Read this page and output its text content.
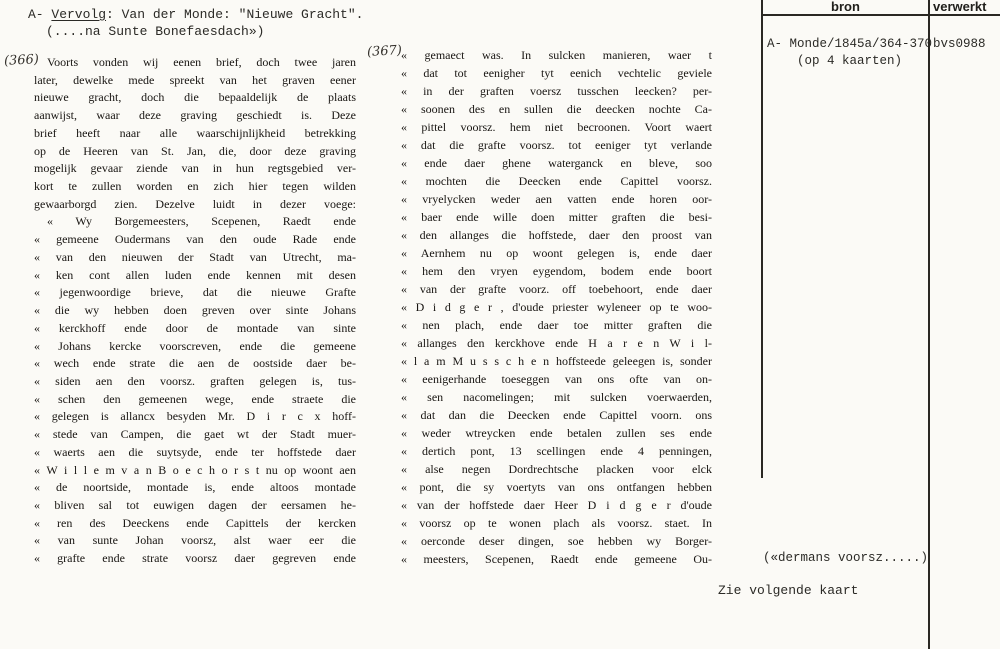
A- Vervolg: Van der Monde: "Nieuwe Gracht".
(....na Sunte Bonefaesdach»)
(366)
(367)
Voorts vonden wij eenen brief, doch twee jaren
later, dewelke mede spreekt van het graven eener
nieuwe gracht, doch die bepaaldelijk de plaats
aanwijst, waar deze graving geschiedt is. Deze
brief heeft naar alle waarschijnlijkheid betrekking
op de Heeren van St. Jan, die, door deze graving
mogelijk gevaar ziende van in hun regtsgebied ver-
kort te zullen worden en zich hier tegen wilden
gewaarborgd zien. Dezelve luidt in dezer voege:
« Wy Borgemeesters, Scepenen, Raedt ende
« gemeene Oudermans van den oude Rade ende
« van den nieuwen der Stadt van Utrecht, ma-
« ken cont allen luden ende kennen mit desen
« jegenwoordige brieve, dat die nieuwe Grafte
« die wy hebben doen greven over sinte Johans
« kerckhoff ende door de montade van sinte
« Johans kercke voorscreven, ende die gemeene
« wech ende strate die aen de oostside daer be-
« siden aen den voorsz. graften gelegen is, tus-
« schen den gemeenen wege, ende straete die
« gelegen is allancx besyden Mr. D i r c x hoff-
« stede van Campen, die gaet wt der Stadt muer-
« waerts aen die suytsyde, ende ter hoffstede daer
« W i l l e m v a n B o e c h o r s t nu op woont aen
« de noortside, montade is, ende altoos montade
« bliven sal tot euwigen dagen der eersamen he-
« ren des Deeckens ende Capittels der kercken
« van sunte Johan voorsz, alst waer eer die
« grafte ende strate voorsz daer gegreven ende
« gemaect was. In sulcken manieren, waer t
« dat tot eenigher tyt eenich vechtelic geviele
« in der graften voersz tusschen leecken? per-
« soonen des en sullen die deecken nochte Ca-
« pittel voorsz. hem niet becroonen. Voort waert
« dat die grafte voorsz. tot eeniger tyt verlande
« ende daer ghene waterganck en bleve, soo
« mochten die Deecken ende Capittel voorsz.
« vryelycken weder aen vatten ende horen oor-
« baer ende wille doen mitter graften die besi-
« den allanges die hoffstede, daer den proost van
« Aernhem nu op woont gelegen is, ende daer
« hem den vryen eygendom, bodem ende boort
« van der grafte voorz. off toebehoort, ende daer
« D i d g e r , d'oude priester wyleneer op te woo-
« nen plach, ende daer toe mitter graften die
« allanges den kerckhove ende H a r e n W i l-
« l a m M u s s c h e n hoffsteede geleegen is, sonder
« eenigerhande toeseggen van ons ofte van on-
« sen nacomelingen; mit sulcken voerwaerden,
« dat dan die Deecken ende Capittel voorn. ons
« weder wtreycken ende betalen zullen ses ende
« dertich pont, 13 scellingen ende 4 penningen,
« alse negen Dordrechtsche placken voor elck
« pont, die sy voertyts van ons ontfangen hebben
« van der hoffstede daer Heer D i d g e r d'oude
« voorsz op te wonen plach als voorsz. staet. In
« oerconde deser dingen, soe hebben wy Borger-
« meesters, Scepenen, Raedt ende gemeene Ou-
bron	verwerkt
A- Monde/1845a/364-370
(op 4 kaarten)
bvs0988
(«dermans voorsz.....)
Zie volgende kaart
